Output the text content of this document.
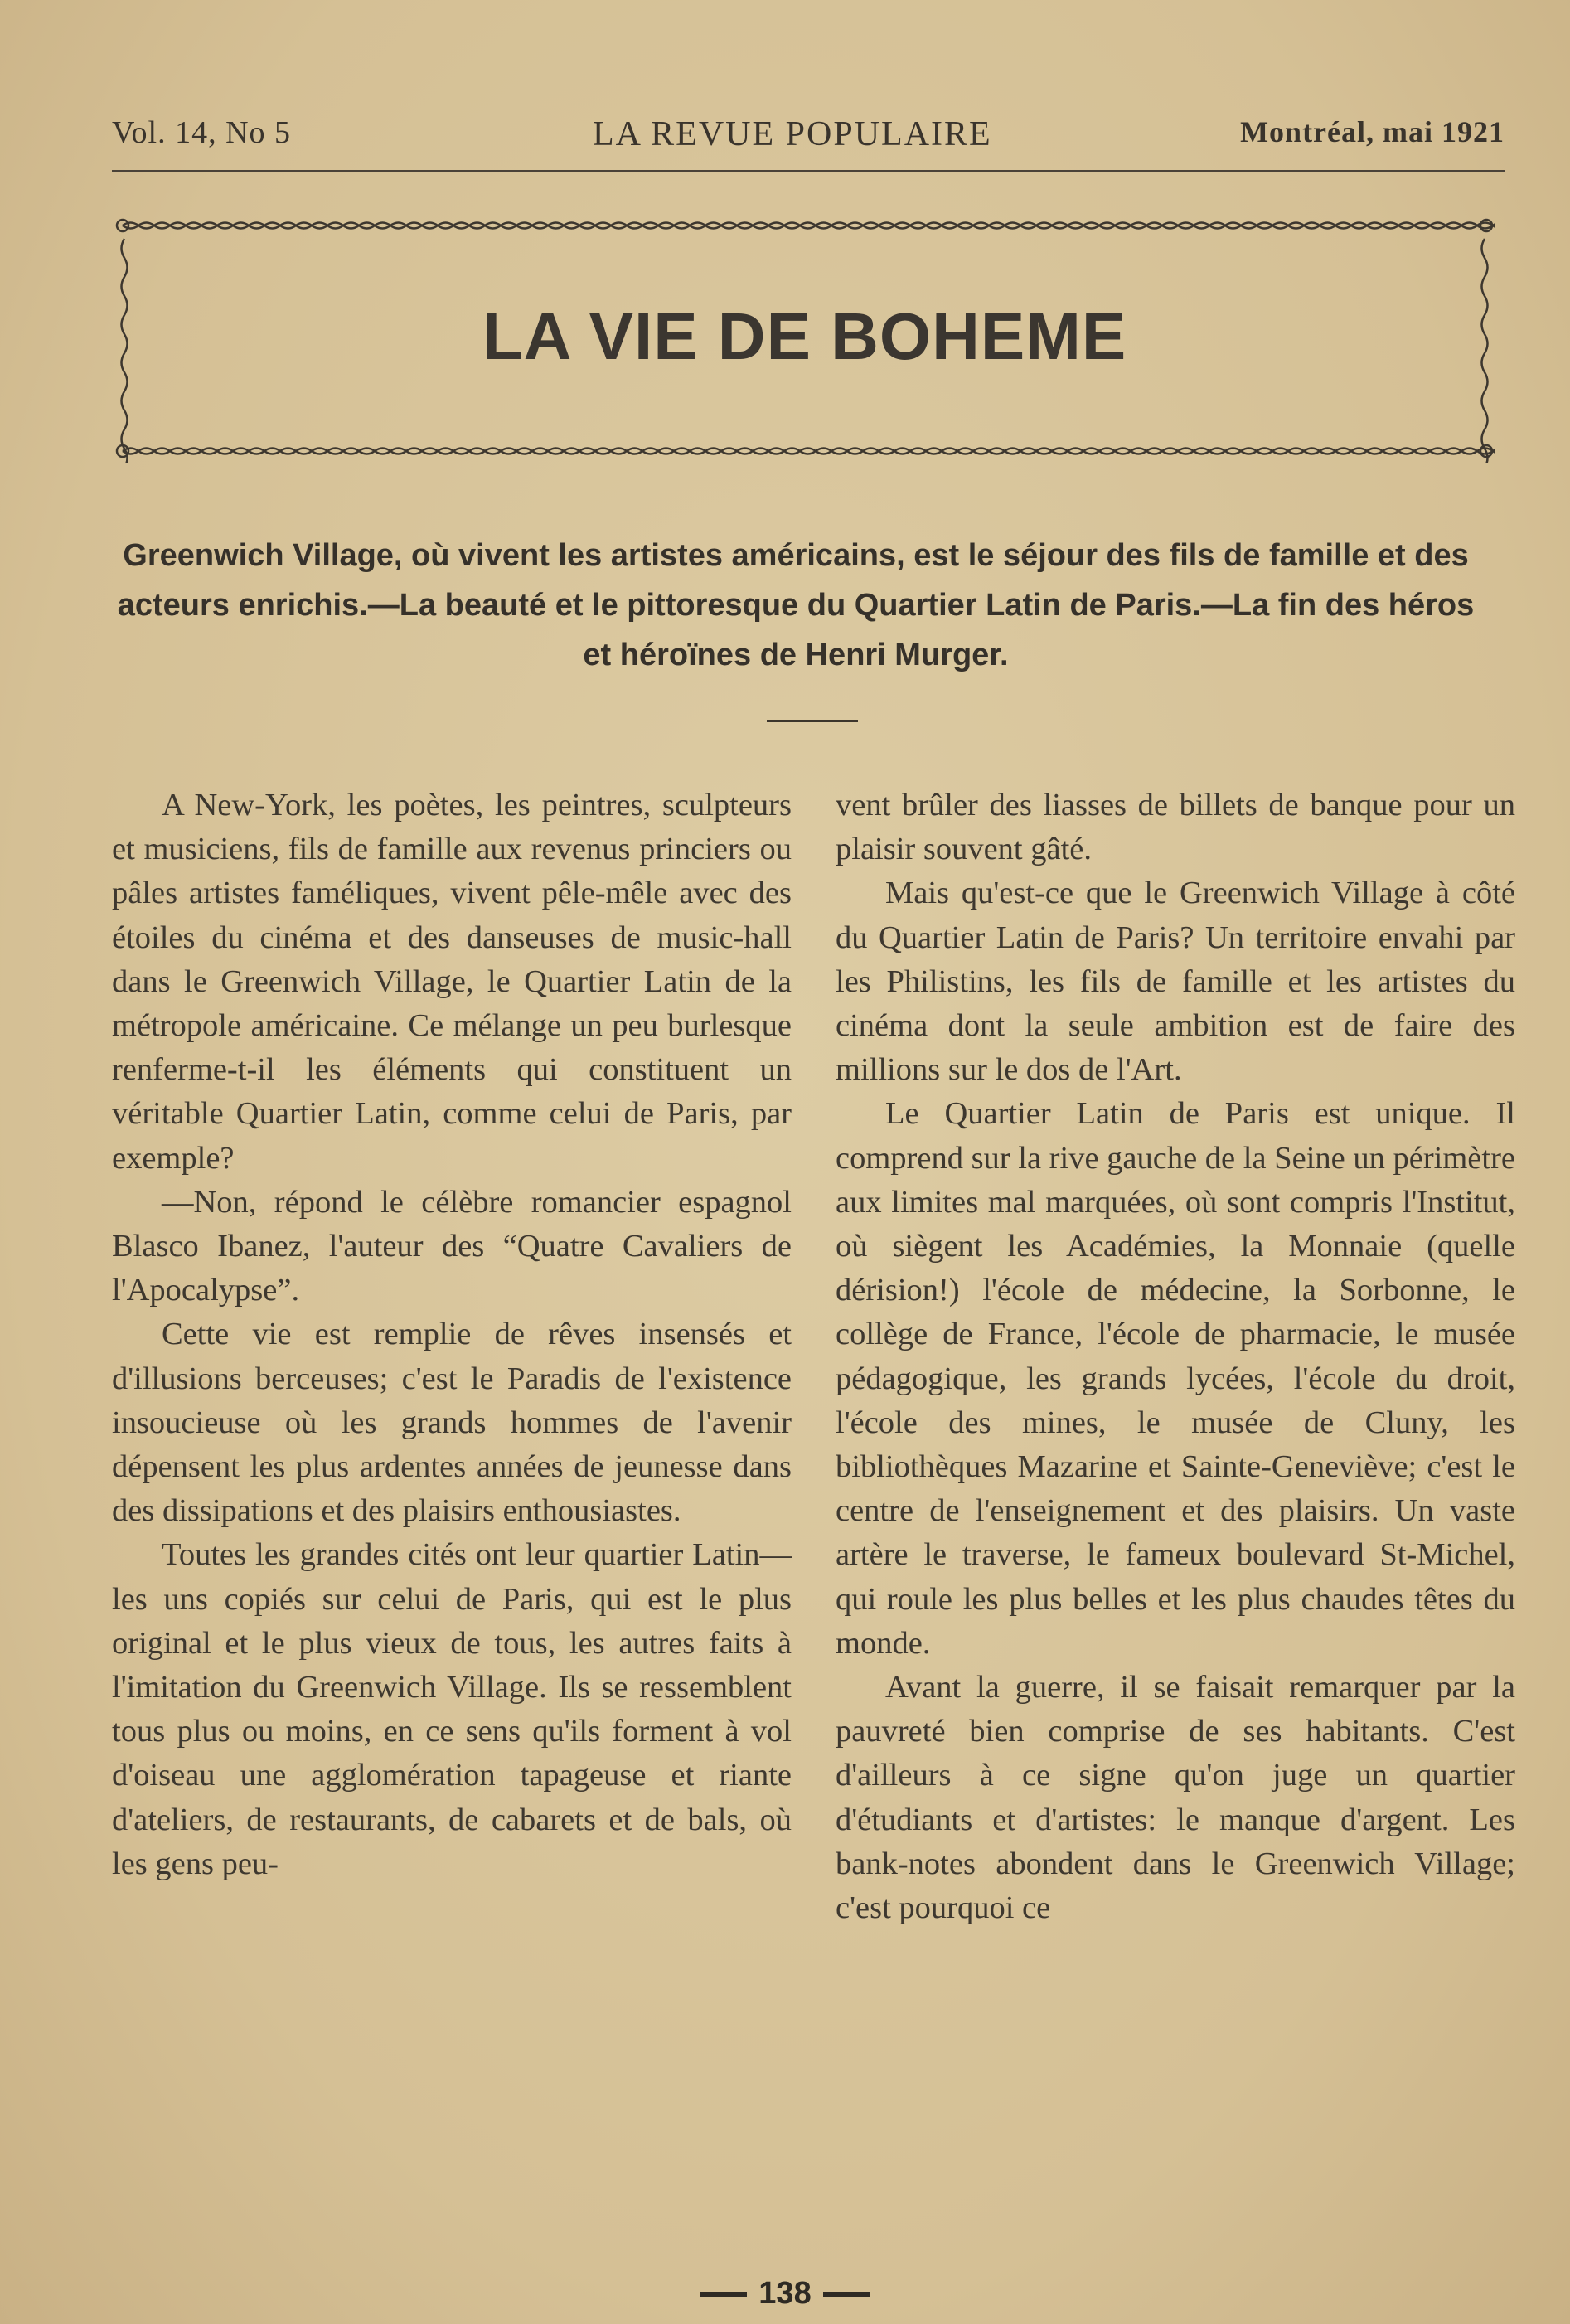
Vol. 14, No 5	LA REVUE POPULAIRE	Montréal, mai 1921
LA VIE DE BOHEME
Greenwich Village, où vivent les artistes américains, est le séjour des fils de famille et des acteurs enrichis.—La beauté et le pittoresque du Quartier Latin de Paris.—La fin des héros et héroïnes de Henri Murger.

A New-York, les poètes, les peintres, sculpteurs et musiciens, fils de famille aux revenus princiers ou pâles artistes faméliques, vivent pêle-mêle avec des étoiles du cinéma et des danseuses de music-hall dans le Greenwich Village, le Quartier Latin de la métropole américaine. Ce mélange un peu burlesque renferme-t-il les éléments qui constituent un véritable Quartier Latin, comme celui de Paris, par exemple?

—Non, répond le célèbre romancier espagnol Blasco Ibanez, l'auteur des “Quatre Cavaliers de l'Apocalypse”.

Cette vie est remplie de rêves insensés et d'illusions berceuses; c'est le Paradis de l'existence insoucieuse où les grands hommes de l'avenir dépensent les plus ardentes années de jeunesse dans des dissipations et des plaisirs enthousiastes.

Toutes les grandes cités ont leur quartier Latin—les uns copiés sur celui de Paris, qui est le plus original et le plus vieux de tous, les autres faits à l'imitation du Greenwich Village. Ils se ressemblent tous plus ou moins, en ce sens qu'ils forment à vol d'oiseau une agglomération tapageuse et riante d'ateliers, de restaurants, de cabarets et de bals, où les gens peu-

vent brûler des liasses de billets de banque pour un plaisir souvent gâté.

Mais qu'est-ce que le Greenwich Village à côté du Quartier Latin de Paris? Un territoire envahi par les Philistins, les fils de famille et les artistes du cinéma dont la seule ambition est de faire des millions sur le dos de l'Art.

Le Quartier Latin de Paris est unique. Il comprend sur la rive gauche de la Seine un périmètre aux limites mal marquées, où sont compris l'Institut, où siègent les Académies, la Monnaie (quelle dérision!) l'école de médecine, la Sorbonne, le collège de France, l'école de pharmacie, le musée pédagogique, les grands lycées, l'école du droit, l'école des mines, le musée de Cluny, les bibliothèques Mazarine et Sainte-Geneviève; c'est le centre de l'enseignement et des plaisirs. Un vaste artère le traverse, le fameux boulevard St-Michel, qui roule les plus belles et les plus chaudes têtes du monde.

Avant la guerre, il se faisait remarquer par la pauvreté bien comprise de ses habitants. C'est d'ailleurs à ce signe qu'on juge un quartier d'étudiants et d'artistes: le manque d'argent. Les bank-notes abondent dans le Greenwich Village; c'est pourquoi ce

138
